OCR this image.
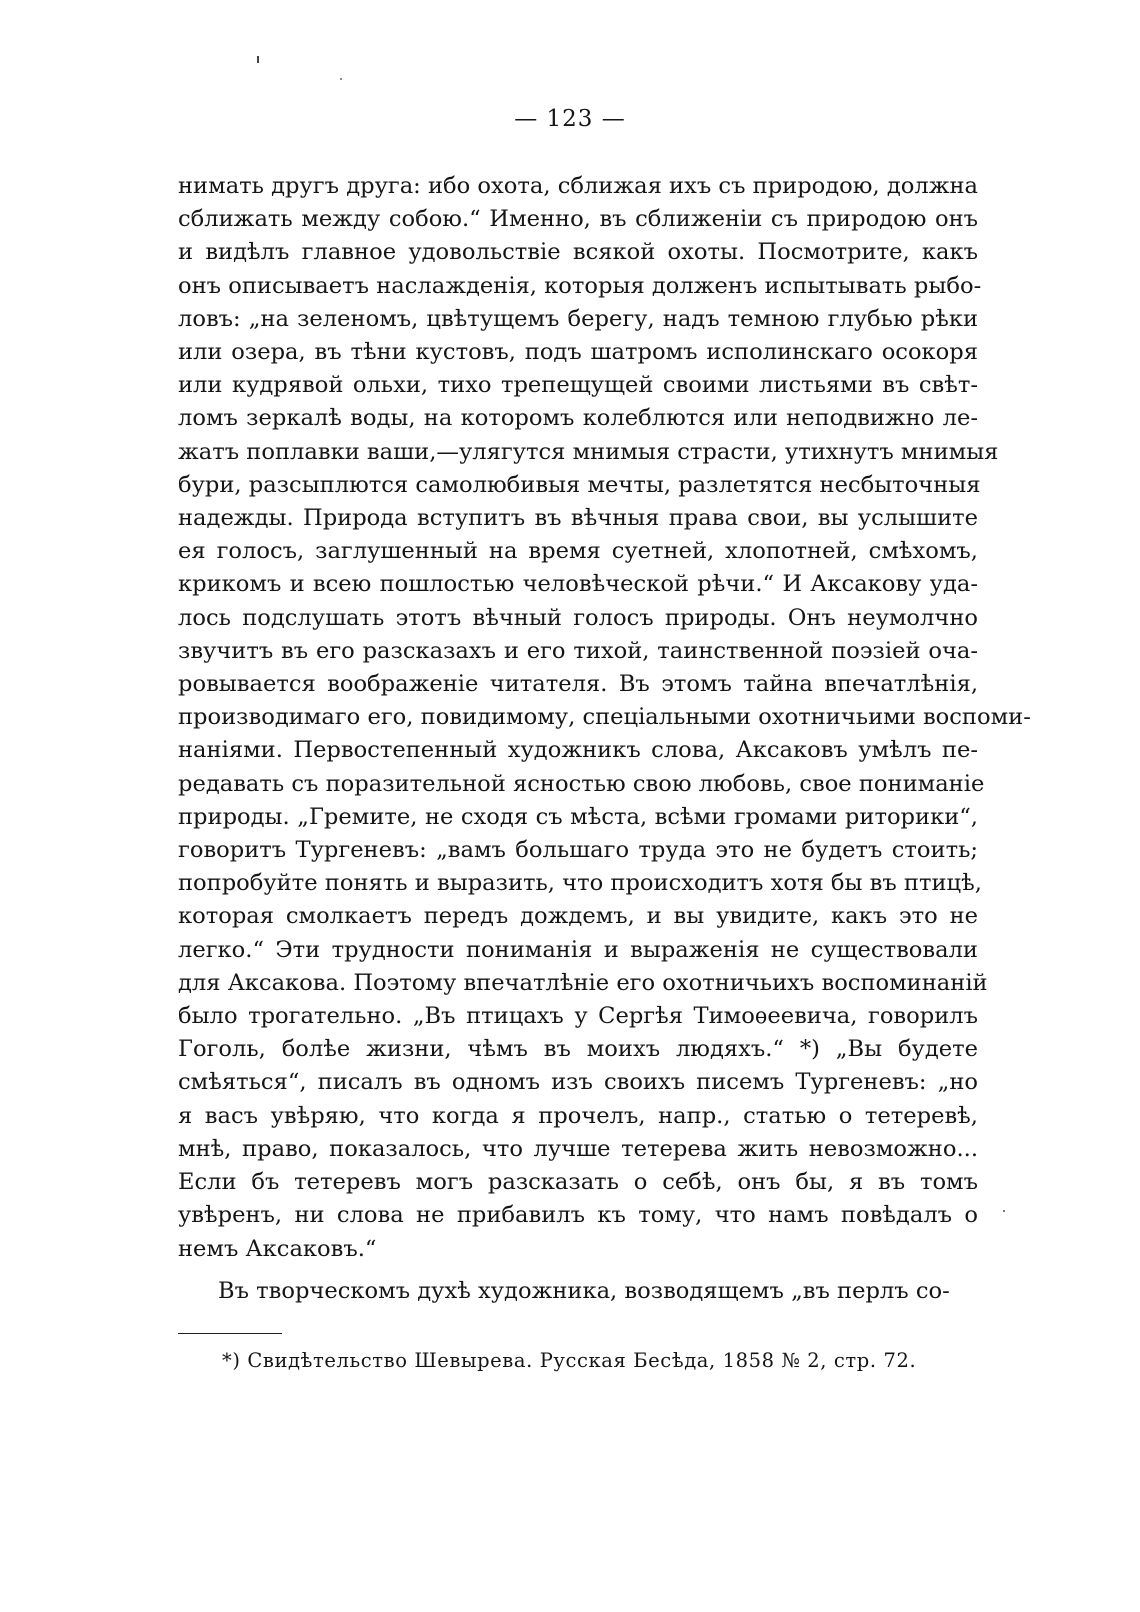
— 123 —
нимать другъ друга: ибо охота, сближая ихъ съ природою, должна
сближать между собою.“ Именно, въ сближеніи съ природою онъ
и видѣлъ главное удовольствіе всякой охоты. Посмотрите, какъ
онъ описываетъ наслажденія, которыя долженъ испытывать рыбо-
ловъ: „на зеленомъ, цвѣтущемъ берегу, надъ темною глубью рѣки
или озера, въ тѣни кустовъ, подъ шатромъ исполинскаго осокоря
или кудрявой ольхи, тихо трепещущей своими листьями въ свѣт-
ломъ зеркалѣ воды, на которомъ колеблются или неподвижно ле-
жатъ поплавки ваши,—улягутся мнимыя страсти, утихнутъ мнимыя
бури, разсыплются самолюбивыя мечты, разлетятся несбыточныя
надежды. Природа вступитъ въ вѣчныя права свои, вы услышите
ея голосъ, заглушенный на время суетней, хлопотней, смѣхомъ,
крикомъ и всею пошлостью человѣческой рѣчи.“ И Аксакову уда-
лось подслушать этотъ вѣчный голосъ природы. Онъ неумолчно
звучитъ въ его разсказахъ и его тихой, таинственной поэзіей оча-
ровывается воображеніе читателя. Въ этомъ тайна впечатлѣнія,
производимаго его, повидимому, спеціальными охотничьими воспоми-
наніями. Первостепенный художникъ слова, Аксаковъ умѣлъ пе-
редавать съ поразительной ясностью свою любовь, свое пониманіе
природы. „Гремите, не сходя съ мѣста, всѣми громами риторики“,
говоритъ Тургеневъ: „вамъ большаго труда это не будетъ стоить;
попробуйте понять и выразить, что происходитъ хотя бы въ птицѣ,
которая смолкаетъ передъ дождемъ, и вы увидите, какъ это не
легко.“ Эти трудности пониманія и выраженія не существовали
для Аксакова. Поэтому впечатлѣніе его охотничьихъ воспоминаній
было трогательно. „Въ птицахъ у Сергѣя Тимоѳеевича, говорилъ
Гоголь, болѣе жизни, чѣмъ въ моихъ людяхъ.“ *) „Вы будете
смѣяться“, писалъ въ одномъ изъ своихъ писемъ Тургеневъ: „но
я васъ увѣряю, что когда я прочелъ, напр., статью о тетеревѣ,
мнѣ, право, показалось, что лучше тетерева жить невозможно...
Если бъ тетеревъ могъ разсказать о себѣ, онъ бы, я въ томъ
увѣренъ, ни слова не прибавилъ къ тому, что намъ повѣдалъ о
немъ Аксаковъ.“
Въ творческомъ духѣ художника, возводящемъ „въ перлъ со-
*) Свидѣтельство Шевырева. Русская Бесѣда, 1858 № 2, стр. 72.
